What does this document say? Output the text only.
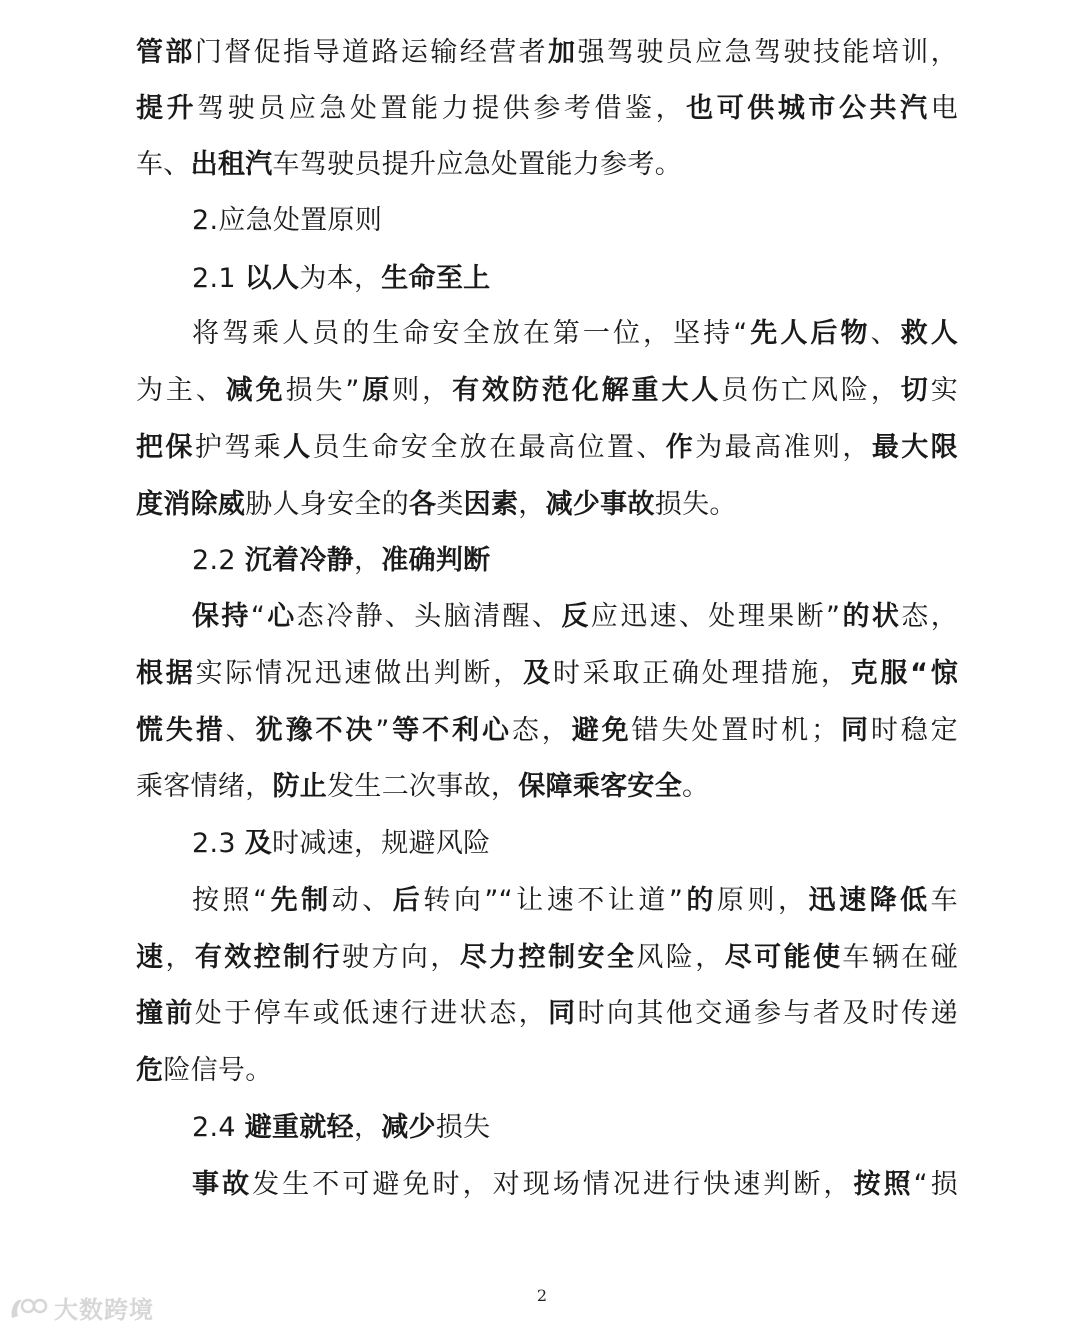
管部门督促指导道路运输经营者加强驾驶员应急驾驶技能培训，
提升驾驶员应急处置能力提供参考借鉴，也可供城市公共汽电
车、出租汽车驾驶员提升应急处置能力参考。
2.应急处置原则
2.1 以人为本，生命至上
将驾乘人员的生命安全放在第一位，坚持“先人后物、救人
为主、减免损失”原则，有效防范化解重大人员伤亡风险，切实
把保护驾乘人员生命安全放在最高位置、作为最高准则，最大限
度消除威胁人身安全的各类因素，减少事故损失。
2.2 沉着冷静，准确判断
保持“心态冷静、头脑清醒、反应迅速、处理果断”的状态，
根据实际情况迅速做出判断，及时采取正确处理措施，克服“惊
慌失措、犹豫不决”等不利心态，避免错失处置时机；同时稳定
乘客情绪，防止发生二次事故，保障乘客安全。
2.3 及时减速，规避风险
按照“先制动、后转向”“让速不让道”的原则，迅速降低车
速，有效控制行驶方向，尽力控制安全风险，尽可能使车辆在碰
撞前处于停车或低速行进状态，同时向其他交通参与者及时传递
危险信号。
2.4 避重就轻，减少损失
事故发生不可避免时，对现场情况进行快速判断，按照“损
2
大数跨境
